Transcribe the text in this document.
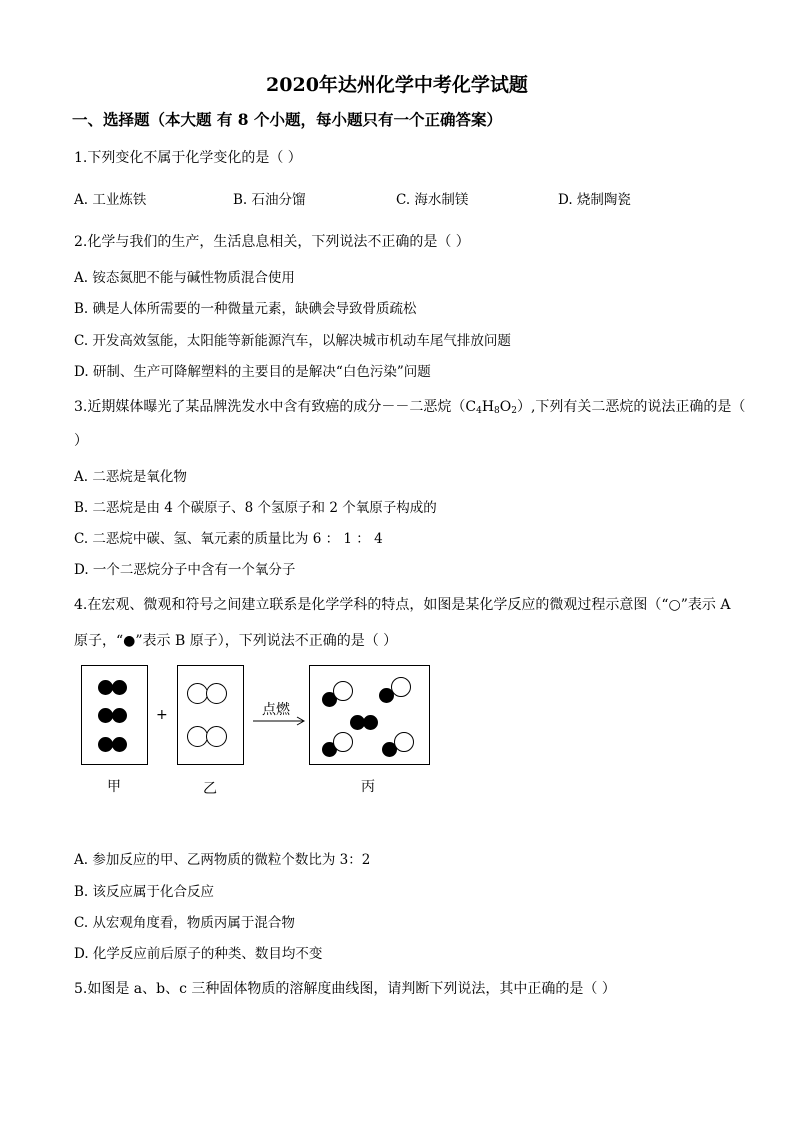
2020年达州化学中考化学试题
一、选择题（本大题 有 8 个小题，每小题只有一个正确答案）
1.下列变化不属于化学变化的是（ ）
A. 工业炼铁	B. 石油分馏	C. 海水制镁	D. 烧制陶瓷
2.化学与我们的生产，生活息息相关，下列说法不正确的是（ ）
A. 铵态氮肥不能与碱性物质混合使用
B. 碘是人体所需要的一种微量元素，缺碘会导致骨质疏松
C. 开发高效氢能，太阳能等新能源汽车，以解决城市机动车尾气排放问题
D. 研制、生产可降解塑料的主要目的是解决“白色污染”问题
3.近期媒体曝光了某品牌洗发水中含有致癌的成分－－二恶烷$(C_4H_8O_2)$,下列有关二恶烷的说法正确的是（
）
A. 二恶烷是氧化物
B. 二恶烷是由 4 个碳原子、8 个氢原子和 2 个氧原子构成的
C. 二恶烷中碳、氢、氧元素的质量比为 6 ： 1 ： 4
D. 一个二恶烷分子中含有一个氧分子
4.在宏观、微观和符号之间建立联系是化学学科的特点，如图是某化学反应的微观过程示意图（“○”表示 A
原子，“●”表示 B 原子），下列说法不正确的是（ ）
+	点燃
甲	乙	丙
A. 参加反应的甲、乙两物质的微粒个数比为 3：2
B. 该反应属于化合反应
C. 从宏观角度看，物质丙属于混合物
D. 化学反应前后原子的种类、数目均不变
5.如图是 a、b、c 三种固体物质的溶解度曲线图，请判断下列说法，其中正确的是（ ）
